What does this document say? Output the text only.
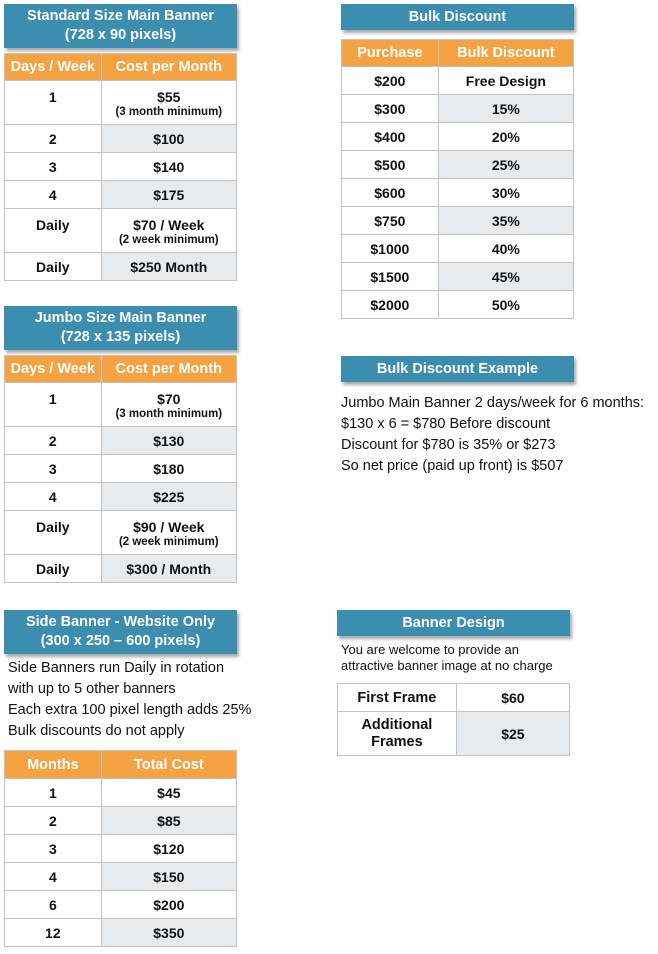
Standard Size Main Banner
(728 x 90 pixels)
Days / Week	Cost per Month
1	$55
(3 month minimum)

2	$100
3	$140
4	$175
Daily	$70 / Week
(2 week minimum)

Daily	$250 Month
Jumbo Size Main Banner
(728 x 135 pixels)
Days / Week	Cost per Month
1	$70
(3 month minimum)

2	$130
3	$180
4	$225
Daily	$90 / Week
(2 week minimum)

Daily	$300 / Month
Side Banner - Website Only
(300 x 250 – 600 pixels)
Side Banners run Daily in rotation
with up to 5 other banners
Each extra 100 pixel length adds 25%
Bulk discounts do not apply
Months	Total Cost
1	$45
2	$85
3	$120
4	$150
6	$200
12	$350
Bulk Discount
Purchase	Bulk Discount
$200	Free Design
$300	15%
$400	20%
$500	25%
$600	30%
$750	35%
$1000	40%
$1500	45%
$2000	50%
Bulk Discount Example
Jumbo Main Banner 2 days/week for 6 months:
$130 x 6 = $780 Before discount
Discount for $780 is 35% or $273
So net price (paid up front) is $507
Banner Design
You are welcome to provide an
attractive banner image at no charge
First Frame	$60
Additional Frames	$25
